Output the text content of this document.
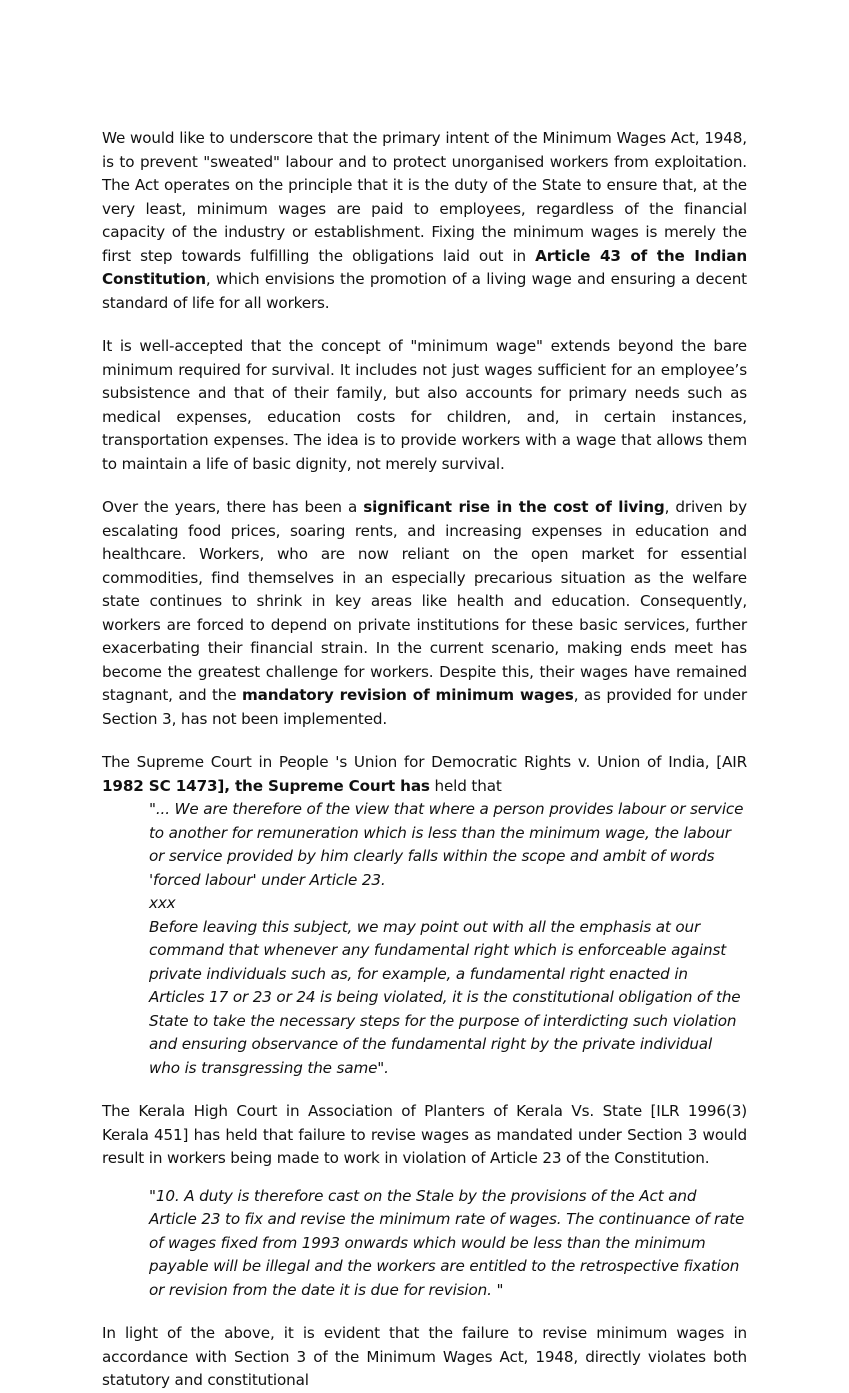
We would like to underscore that the primary intent of the Minimum Wages Act, 1948, is to prevent "sweated" labour and to protect unorganised workers from exploitation. The Act operates on the principle that it is the duty of the State to ensure that, at the very least, minimum wages are paid to employees, regardless of the financial capacity of the industry or establishment. Fixing the minimum wages is merely the first step towards fulfilling the obligations laid out in Article 43 of the Indian Constitution, which envisions the promotion of a living wage and ensuring a decent standard of life for all workers.

It is well-accepted that the concept of "minimum wage" extends beyond the bare minimum required for survival. It includes not just wages sufficient for an employee’s subsistence and that of their family, but also accounts for primary needs such as medical expenses, education costs for children, and, in certain instances, transportation expenses. The idea is to provide workers with a wage that allows them to maintain a life of basic dignity, not merely survival.

Over the years, there has been a significant rise in the cost of living, driven by escalating food prices, soaring rents, and increasing expenses in education and healthcare. Workers, who are now reliant on the open market for essential commodities, find themselves in an especially precarious situation as the welfare state continues to shrink in key areas like health and education. Consequently, workers are forced to depend on private institutions for these basic services, further exacerbating their financial strain. In the current scenario, making ends meet has become the greatest challenge for workers. Despite this, their wages have remained stagnant, and the mandatory revision of minimum wages, as provided for under Section 3, has not been implemented.

The Supreme Court in People 's Union for Democratic Rights v. Union of India, [AIR 1982 SC 1473], the Supreme Court has held that

"... We are therefore of the view that where a person provides labour or service to another for remuneration which is less than the minimum wage, the labour or service provided by him clearly falls within the scope and ambit of words 'forced labour' under Article 23.

xxx

Before leaving this subject, we may point out with all the emphasis at our command that whenever any fundamental right which is enforceable against private individuals such as, for example, a fundamental right enacted in Articles 17 or 23 or 24 is being violated, it is the constitutional obligation of the State to take the necessary steps for the purpose of interdicting such violation and ensuring observance of the fundamental right by the private individual who is transgressing the same".

The Kerala High Court in Association of Planters of Kerala Vs. State [ILR 1996(3) Kerala 451] has held that failure to revise wages as mandated under Section 3 would result in workers being made to work in violation of Article 23 of the Constitution.

"10. A duty is therefore cast on the Stale by the provisions of the Act and Article 23 to fix and revise the minimum rate of wages. The continuance of rate of wages fixed from 1993 onwards which would be less than the minimum payable will be illegal and the workers are entitled to the retrospective fixation or revision from the date it is due for revision. "

In light of the above, it is evident that the failure to revise minimum wages in accordance with Section 3 of the Minimum Wages Act, 1948, directly violates both statutory and constitutional
